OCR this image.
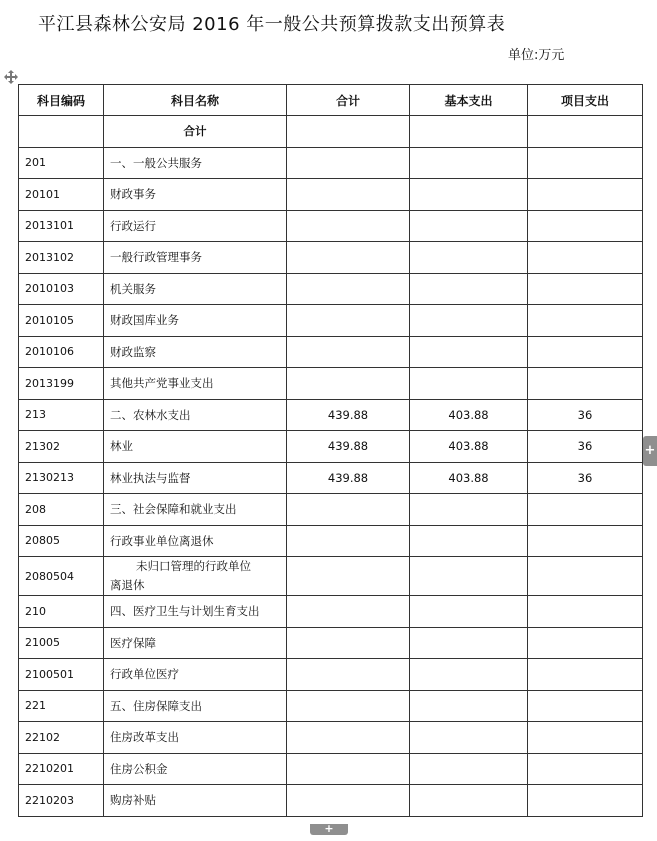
平江县森林公安局 2016 年一般公共预算拨款支出预算表
单位:万元
科目编码	科目名称	合计	基本支出	项目支出
	合计			
201	一、一般公共服务			
20101	财政事务			
2013101	行政运行			
2013102	一般行政管理事务			
2010103	机关服务			
2010105	财政国库业务			
2010106	财政监察			
2013199	其他共产党事业支出			
213	二、农林水支出	439.88	403.88	36
21302	林业	439.88	403.88	36
2130213	林业执法与监督	439.88	403.88	36
208	三、社会保障和就业支出			
20805	行政事业单位离退休			
2080504	未归口管理的行政单位
离退休			

210	四、医疗卫生与计划生育支出			
21005	医疗保障			
2100501	行政单位医疗			
221	五、住房保障支出			
22102	住房改革支出			
2210201	住房公积金			
2210203	购房补贴			
+
+
